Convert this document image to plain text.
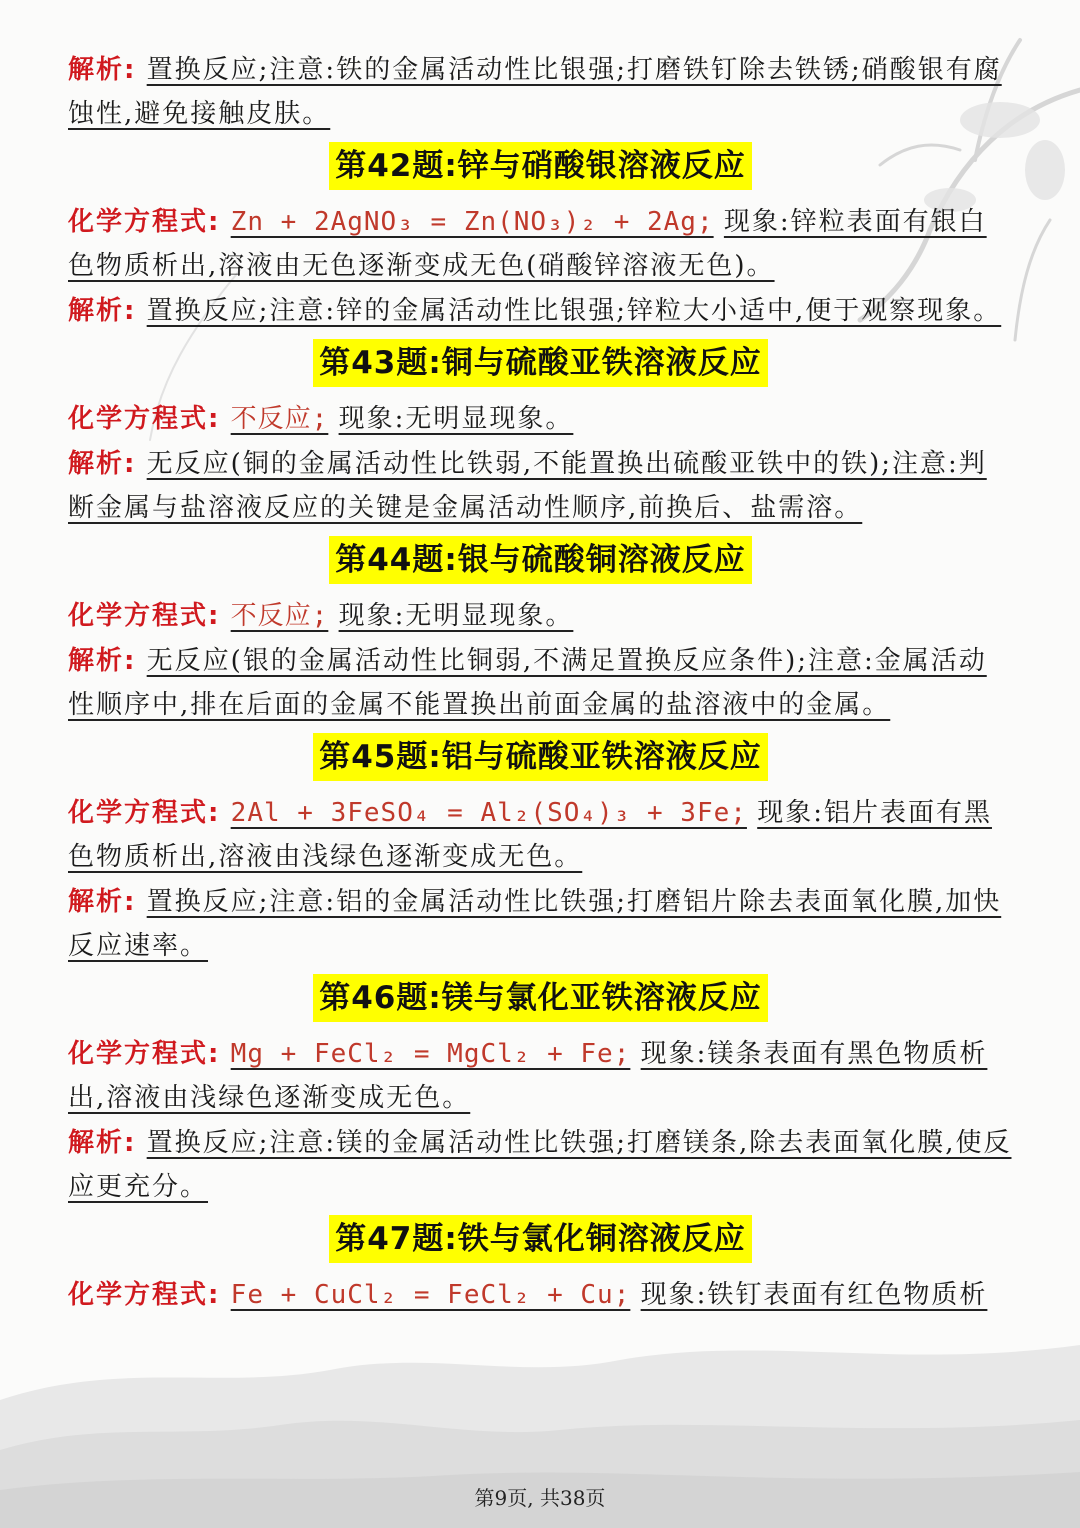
解析: 置换反应;注意:铁的金属活动性比银强;打磨铁钉除去铁锈;硝酸银有腐蚀性,避免接触皮肤。

第42题:锌与硝酸银溶液反应

化学方程式: Zn + 2AgNO₃ = Zn(NO₃)₂ + 2Ag; 现象:锌粒表面有银白色物质析出,溶液由无色逐渐变成无色(硝酸锌溶液无色)。

解析: 置换反应;注意:锌的金属活动性比银强;锌粒大小适中,便于观察现象。

第43题:铜与硫酸亚铁溶液反应

化学方程式: 不反应; 现象:无明显现象。

解析: 无反应(铜的金属活动性比铁弱,不能置换出硫酸亚铁中的铁);注意:判断金属与盐溶液反应的关键是金属活动性顺序,前换后、盐需溶。

第44题:银与硫酸铜溶液反应

化学方程式: 不反应; 现象:无明显现象。

解析: 无反应(银的金属活动性比铜弱,不满足置换反应条件);注意:金属活动性顺序中,排在后面的金属不能置换出前面金属的盐溶液中的金属。

第45题:铝与硫酸亚铁溶液反应

化学方程式: 2Al + 3FeSO₄ = Al₂(SO₄)₃ + 3Fe; 现象:铝片表面有黑色物质析出,溶液由浅绿色逐渐变成无色。

解析: 置换反应;注意:铝的金属活动性比铁强;打磨铝片除去表面氧化膜,加快反应速率。

第46题:镁与氯化亚铁溶液反应

化学方程式: Mg + FeCl₂ = MgCl₂ + Fe; 现象:镁条表面有黑色物质析出,溶液由浅绿色逐渐变成无色。

解析: 置换反应;注意:镁的金属活动性比铁强;打磨镁条,除去表面氧化膜,使反应更充分。

第47题:铁与氯化铜溶液反应

化学方程式: Fe + CuCl₂ = FeCl₂ + Cu; 现象:铁钉表面有红色物质析

第9页, 共38页
